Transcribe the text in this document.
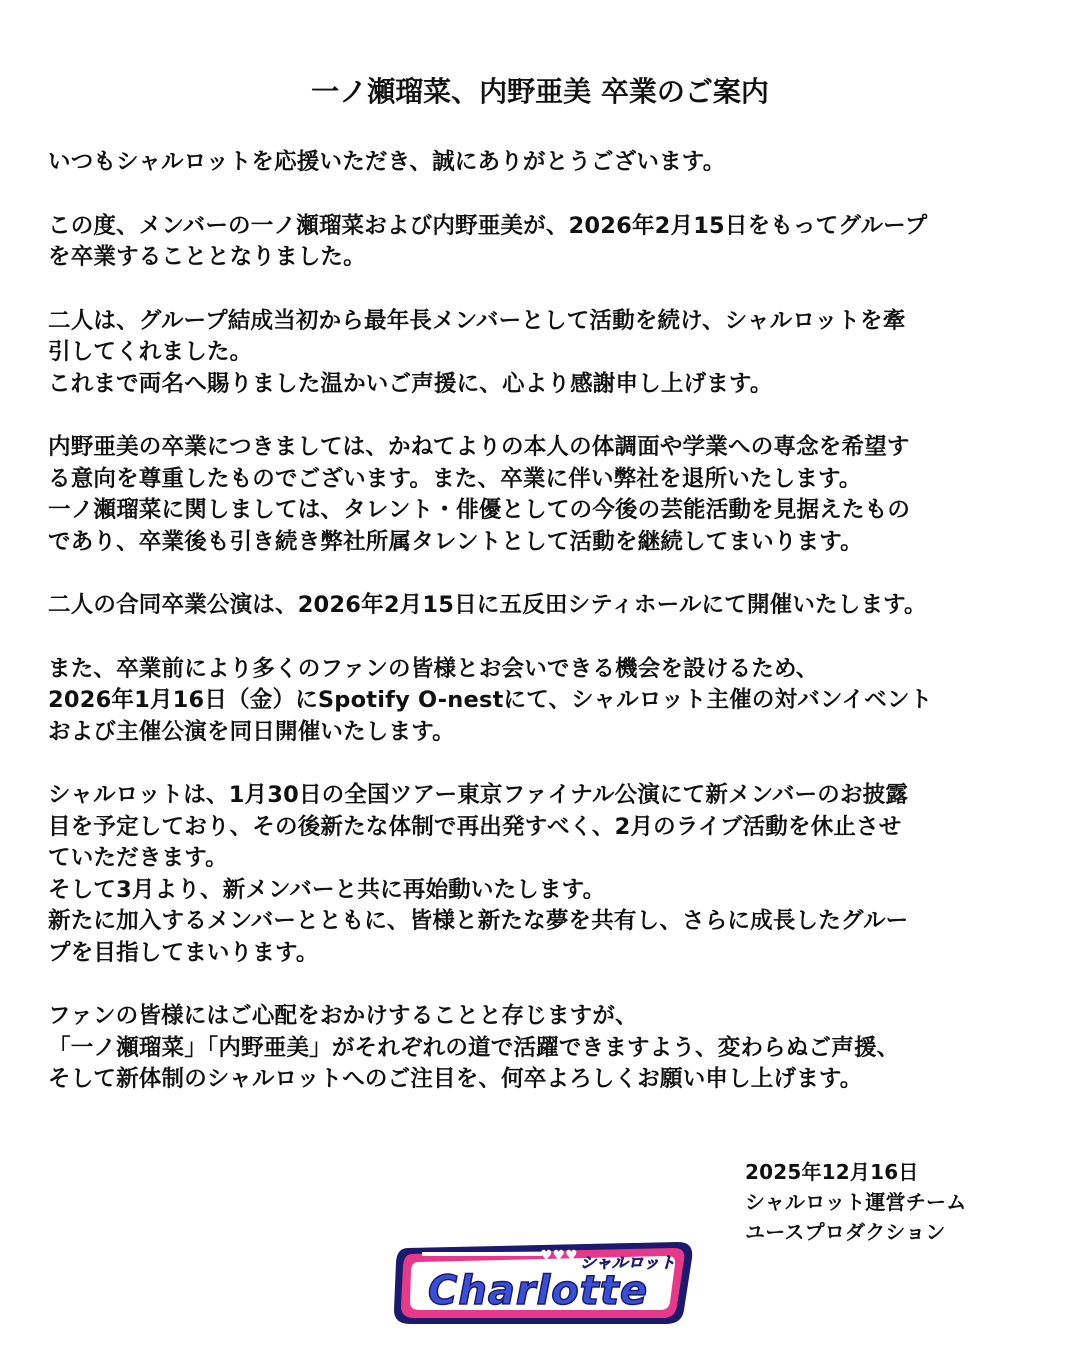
一ノ瀬瑠菜、内野亜美 卒業のご案内
いつもシャルロットを応援いただき、誠にありがとうございます。
この度、メンバーの一ノ瀬瑠菜および内野亜美が、2026年2月15日をもってグループ
を卒業することとなりました。
二人は、グループ結成当初から最年長メンバーとして活動を続け、シャルロットを牽
引してくれました。
これまで両名へ賜りました温かいご声援に、心より感謝申し上げます。
内野亜美の卒業につきましては、かねてよりの本人の体調面や学業への専念を希望す
る意向を尊重したものでございます。また、卒業に伴い弊社を退所いたします。
一ノ瀬瑠菜に関しましては、タレント・俳優としての今後の芸能活動を見据えたもの
であり、卒業後も引き続き弊社所属タレントとして活動を継続してまいります。
二人の合同卒業公演は、2026年2月15日に五反田シティホールにて開催いたします。
また、卒業前により多くのファンの皆様とお会いできる機会を設けるため、
2026年1月16日（金）にSpotify O-nestにて、シャルロット主催の対バンイベント
および主催公演を同日開催いたします。
シャルロットは、1月30日の全国ツアー東京ファイナル公演にて新メンバーのお披露
目を予定しており、その後新たな体制で再出発すべく、2月のライブ活動を休止させ
ていただきます。
そして3月より、新メンバーと共に再始動いたします。
新たに加入するメンバーとともに、皆様と新たな夢を共有し、さらに成長したグルー
プを目指してまいります。
ファンの皆様にはご心配をおかけすることと存じますが、
「一ノ瀬瑠菜」「内野亜美」がそれぞれの道で活躍できますよう、変わらぬご声援、
そして新体制のシャルロットへのご注目を、何卒よろしくお願い申し上げます。
2025年12月16日
シャルロット運営チーム
ユースプロダクション
♥♥♥ シャルロット
Charlotte
